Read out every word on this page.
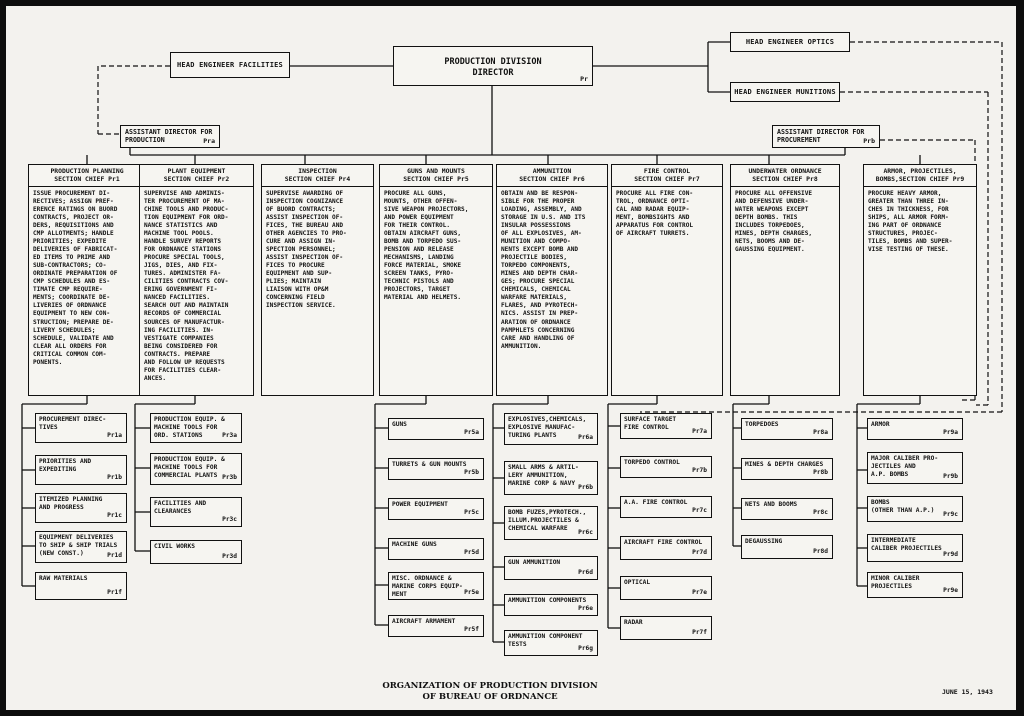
PRODUCTION DIVISION
DIRECTOR
Pr
HEAD ENGINEER FACILITIES
HEAD ENGINEER OPTICS
HEAD ENGINEER MUNITIONS
ASSISTANT DIRECTOR FOR
PRODUCTION	Pra
ASSISTANT DIRECTOR FOR
PROCUREMENT	Prb
PRODUCTION PLANNING
SECTION CHIEF Pr1
ISSUE PROCUREMENT DI-
RECTIVES; ASSIGN PREF-
ERENCE RATINGS ON BUORD
CONTRACTS, PROJECT OR-
DERS, REQUISITIONS AND
CMP ALLOTMENTS; HANDLE
PRIORITIES; EXPEDITE
DELIVERIES OF FABRICAT-
ED ITEMS TO PRIME AND
SUB-CONTRACTORS; CO-
ORDINATE PREPARATION OF
CMP SCHEDULES AND ES-
TIMATE CMP REQUIRE-
MENTS; COORDINATE DE-
LIVERIES OF ORDNANCE
EQUIPMENT TO NEW CON-
STRUCTION; PREPARE DE-
LIVERY SCHEDULES;
SCHEDULE, VALIDATE AND
CLEAR ALL ORDERS FOR
CRITICAL COMMON COM-
PONENTS.
PLANT EQUIPMENT
SECTION CHIEF Pr2
SUPERVISE AND ADMINIS-
TER PROCUREMENT OF MA-
CHINE TOOLS AND PRODUC-
TION EQUIPMENT FOR ORD-
NANCE STATISTICS AND
MACHINE TOOL POOLS.
HANDLE SURVEY REPORTS
FOR ORDNANCE STATIONS
PROCURE SPECIAL TOOLS,
JIGS, DIES, AND FIX-
TURES. ADMINISTER FA-
CILITIES CONTRACTS COV-
ERING GOVERNMENT FI-
NANCED FACILITIES.
SEARCH OUT AND MAINTAIN
RECORDS OF COMMERCIAL
SOURCES OF MANUFACTUR-
ING FACILITIES. IN-
VESTIGATE COMPANIES
BEING CONSIDERED FOR
CONTRACTS. PREPARE
AND FOLLOW UP REQUESTS
FOR FACILITIES CLEAR-
ANCES.
INSPECTION
SECTION CHIEF Pr4
SUPERVISE AWARDING OF
INSPECTION COGNIZANCE
OF BUORD CONTRACTS;
ASSIST INSPECTION OF-
FICES, THE BUREAU AND
OTHER AGENCIES TO PRO-
CURE AND ASSIGN IN-
SPECTION PERSONNEL;
ASSIST INSPECTION OF-
FICES TO PROCURE
EQUIPMENT AND SUP-
PLIES; MAINTAIN
LIAISON WITH OP&M
CONCERNING FIELD
INSPECTION SERVICE.
GUNS AND MOUNTS
SECTION CHIEF Pr5
PROCURE ALL GUNS,
MOUNTS, OTHER OFFEN-
SIVE WEAPON PROJECTORS,
AND POWER EQUIPMENT
FOR THEIR CONTROL.
OBTAIN AIRCRAFT GUNS,
BOMB AND TORPEDO SUS-
PENSION AND RELEASE
MECHANISMS, LANDING
FORCE MATERIAL, SMOKE
SCREEN TANKS, PYRO-
TECHNIC PISTOLS AND
PROJECTORS, TARGET
MATERIAL AND HELMETS.
AMMUNITION
SECTION CHIEF Pr6
OBTAIN AND BE RESPON-
SIBLE FOR THE PROPER
LOADING, ASSEMBLY, AND
STORAGE IN U.S. AND ITS
INSULAR POSSESSIONS
OF ALL EXPLOSIVES, AM-
MUNITION AND COMPO-
NENTS EXCEPT BOMB AND
PROJECTILE BODIES,
TORPEDO COMPONENTS,
MINES AND DEPTH CHAR-
GES; PROCURE SPECIAL
CHEMICALS, CHEMICAL
WARFARE MATERIALS,
FLARES, AND PYROTECH-
NICS. ASSIST IN PREP-
ARATION OF ORDNANCE
PAMPHLETS CONCERNING
CARE AND HANDLING OF
AMMUNITION.
FIRE CONTROL
SECTION CHIEF Pr7
PROCURE ALL FIRE CON-
TROL, ORDNANCE OPTI-
CAL AND RADAR EQUIP-
MENT, BOMBSIGHTS AND
APPARATUS FOR CONTROL
OF AIRCRAFT TURRETS.
UNDERWATER ORDNANCE
SECTION CHIEF Pr8
PROCURE ALL OFFENSIVE
AND DEFENSIVE UNDER-
WATER WEAPONS EXCEPT
DEPTH BOMBS. THIS
INCLUDES TORPEDOES,
MINES, DEPTH CHARGES,
NETS, BOOMS AND DE-
GAUSSING EQUIPMENT.
ARMOR, PROJECTILES,
BOMBS,SECTION CHIEF Pr9
PROCURE HEAVY ARMOR,
GREATER THAN THREE IN-
CHES IN THICKNESS, FOR
SHIPS, ALL ARMOR FORM-
ING PART OF ORDNANCE
STRUCTURES, PROJEC-
TILES, BOMBS AND SUPER-
VISE TESTING OF THESE.
PROCUREMENT DIREC-
TIVES
Pr1a
PRIORITIES AND
EXPEDITING
Pr1b
ITEMIZED PLANNING
AND PROGRESS
Pr1c
EQUIPMENT DELIVERIES
TO SHIP & SHIP TRIALS
(NEW CONST.)	Pr1d
RAW MATERIALS
Pr1f
PRODUCTION EQUIP. &
MACHINE TOOLS FOR
ORD. STATIONS	Pr3a
PRODUCTION EQUIP. &
MACHINE TOOLS FOR
COMMERCIAL PLANTS Pr3b
FACILITIES AND
CLEARANCES
Pr3c
CIVIL WORKS
Pr3d
GUNS
Pr5a
TURRETS & GUN MOUNTS
Pr5b
POWER EQUIPMENT
Pr5c
MACHINE GUNS
Pr5d
MISC. ORDNANCE &
MARINE CORPS EQUIP-
MENT	Pr5e
AIRCRAFT ARMAMENT
Pr5f
EXPLOSIVES,CHEMICALS,
EXPLOSIVE MANUFAC-
TURING PLANTS	Pr6a
SMALL ARMS & ARTIL-
LERY AMMUNITION,
MARINE CORP & NAVY
Pr6b
BOMB FUZES,PYROTECH.,
ILLUM.PROJECTILES &
CHEMICAL WARFARE
Pr6c
GUN AMMUNITION
Pr6d
AMMUNITION COMPONENTS
Pr6e
AMMUNITION COMPONENT
TESTS
Pr6g
SURFACE TARGET
FIRE CONTROL
Pr7a
TORPEDO CONTROL
Pr7b
A.A. FIRE CONTROL
Pr7c
AIRCRAFT FIRE CONTROL
Pr7d
OPTICAL
Pr7e
RADAR
Pr7f
TORPEDOES
Pr8a
MINES & DEPTH CHARGES
Pr8b
NETS AND BOOMS
Pr8c
DEGAUSSING
Pr8d
ARMOR
Pr9a
MAJOR CALIBER PRO-
JECTILES AND
A.P. BOMBS	Pr9b
BOMBS
(OTHER THAN A.P.)
Pr9c
INTERMEDIATE
CALIBER PROJECTILES
Pr9d
MINOR CALIBER
PROJECTILES
Pr9e
ORGANIZATION OF PRODUCTION DIVISION
OF BUREAU OF ORDNANCE
JUNE 15, 1943
